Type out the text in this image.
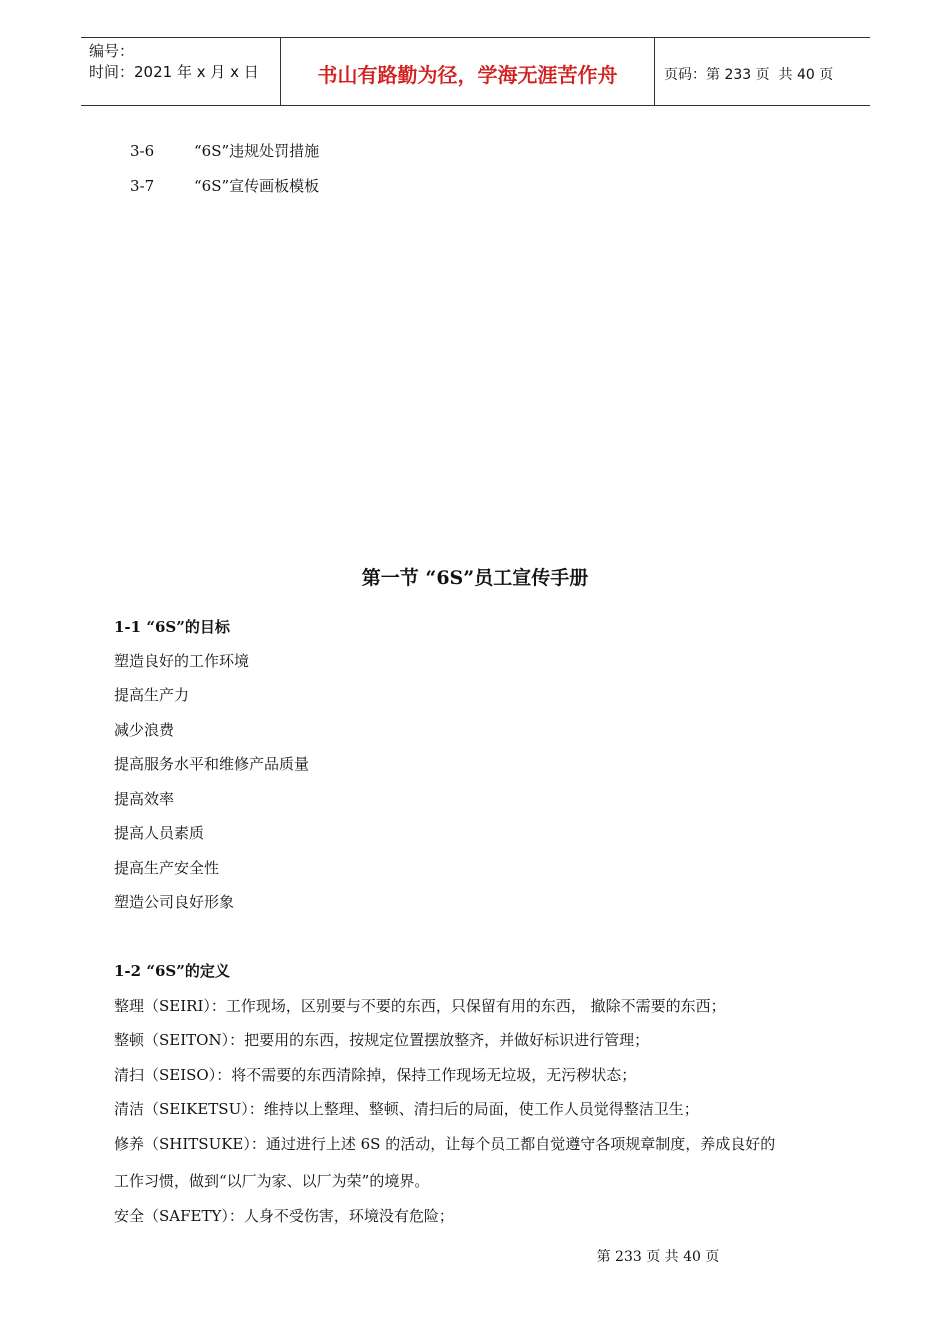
编号：
时间：2021 年 x 月 x 日	书山有路勤为径，学海无涯苦作舟	页码：第 233 页  共 40 页
3-6	“6S”违规处罚措施
3-7	“6S”宣传画板模板
第一节 “6S”员工宣传手册
1-1 “6S”的目标
塑造良好的工作环境
提高生产力
减少浪费
提高服务水平和维修产品质量
提高效率
提高人员素质
提高生产安全性
塑造公司良好形象
1-2 “6S”的定义
整理（SEIRI）：工作现场，区别要与不要的东西，只保留有用的东西， 撤除不需要的东西；
整顿（SEITON）：把要用的东西，按规定位置摆放整齐，并做好标识进行管理；
清扫（SEISO）：将不需要的东西清除掉，保持工作现场无垃圾，无污秽状态；
清洁（SEIKETSU）：维持以上整理、整顿、清扫后的局面，使工作人员觉得整洁卫生；
修养（SHITSUKE）：通过进行上述 6S 的活动，让每个员工都自觉遵守各项规章制度，养成良好的
工作习惯，做到“以厂为家、以厂为荣”的境界。
安全（SAFETY）：人身不受伤害，环境没有危险；
第 233 页 共 40 页
